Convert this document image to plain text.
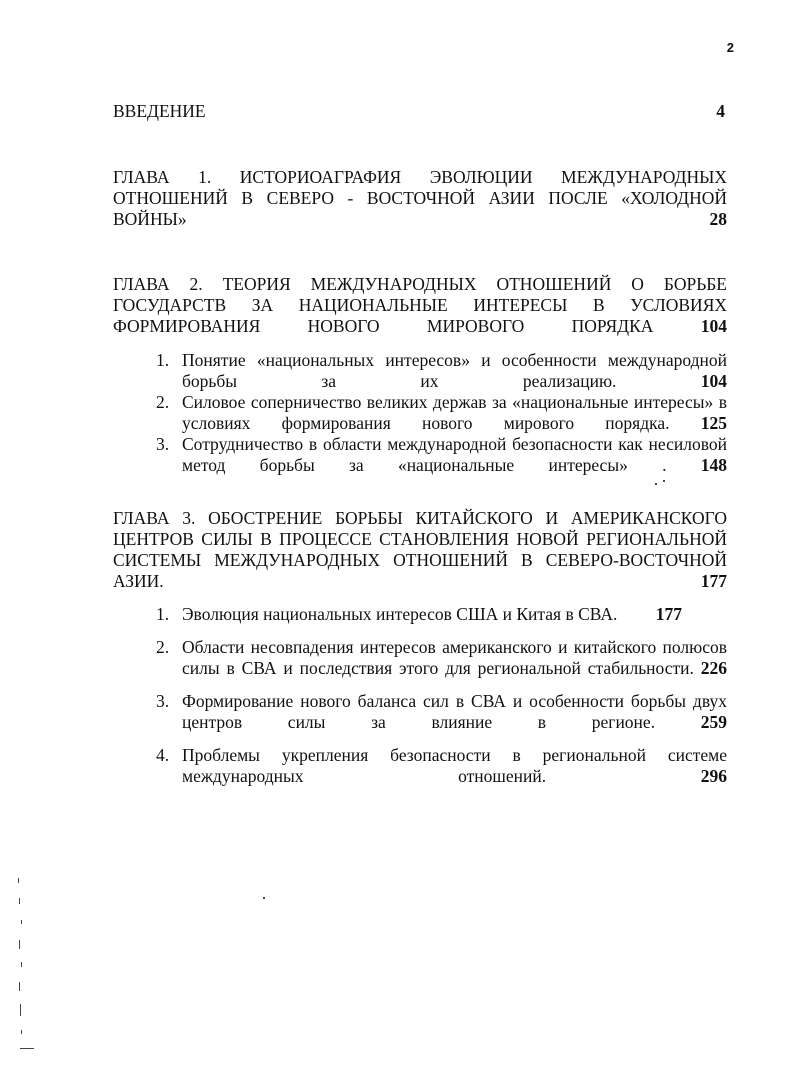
2
ВВЕДЕНИЕ	4
ГЛАВА 1. ИСТОРИОАГРАФИЯ ЭВОЛЮЦИИ МЕЖДУНАРОДНЫХ ОТНОШЕНИЙ В СЕВЕРО - ВОСТОЧНОЙ АЗИИ ПОСЛЕ «ХОЛОДНОЙ ВОЙНЫ»	28
ГЛАВА 2. ТЕОРИЯ МЕЖДУНАРОДНЫХ ОТНОШЕНИЙ О БОРЬБЕ ГОСУДАРСТВ ЗА НАЦИОНАЛЬНЫЕ ИНТЕРЕСЫ В УСЛОВИЯХ ФОРМИРОВАНИЯ НОВОГО МИРОВОГО ПОРЯДКА	104
1. Понятие «национальных интересов» и особенности международной борьбы за их реализацию.	104
2. Силовое соперничество великих держав за «национальные интересы» в условиях формирования нового мирового порядка. 125
3. Сотрудничество в области международной безопасности как несиловой метод борьбы за «национальные интересы» . 148
ГЛАВА 3. ОБОСТРЕНИЕ БОРЬБЫ КИТАЙСКОГО И АМЕРИКАНСКОГО ЦЕНТРОВ СИЛЫ В ПРОЦЕССЕ СТАНОВЛЕНИЯ НОВОЙ РЕГИОНАЛЬНОЙ СИСТЕМЫ МЕЖДУНАРОДНЫХ ОТНОШЕНИЙ В СЕВЕРО-ВОСТОЧНОЙ АЗИИ.	177
1. Эволюция национальных интересов США и Китая в СВА. 177
2. Области несовпадения интересов американского и китайского полюсов силы в СВА и последствия этого для региональной стабильности. 226
3. Формирование нового баланса сил в СВА и особенности борьбы двух центров силы за влияние в регионе.	259
4. Проблемы укрепления безопасности в региональной системе международных отношений.	296
